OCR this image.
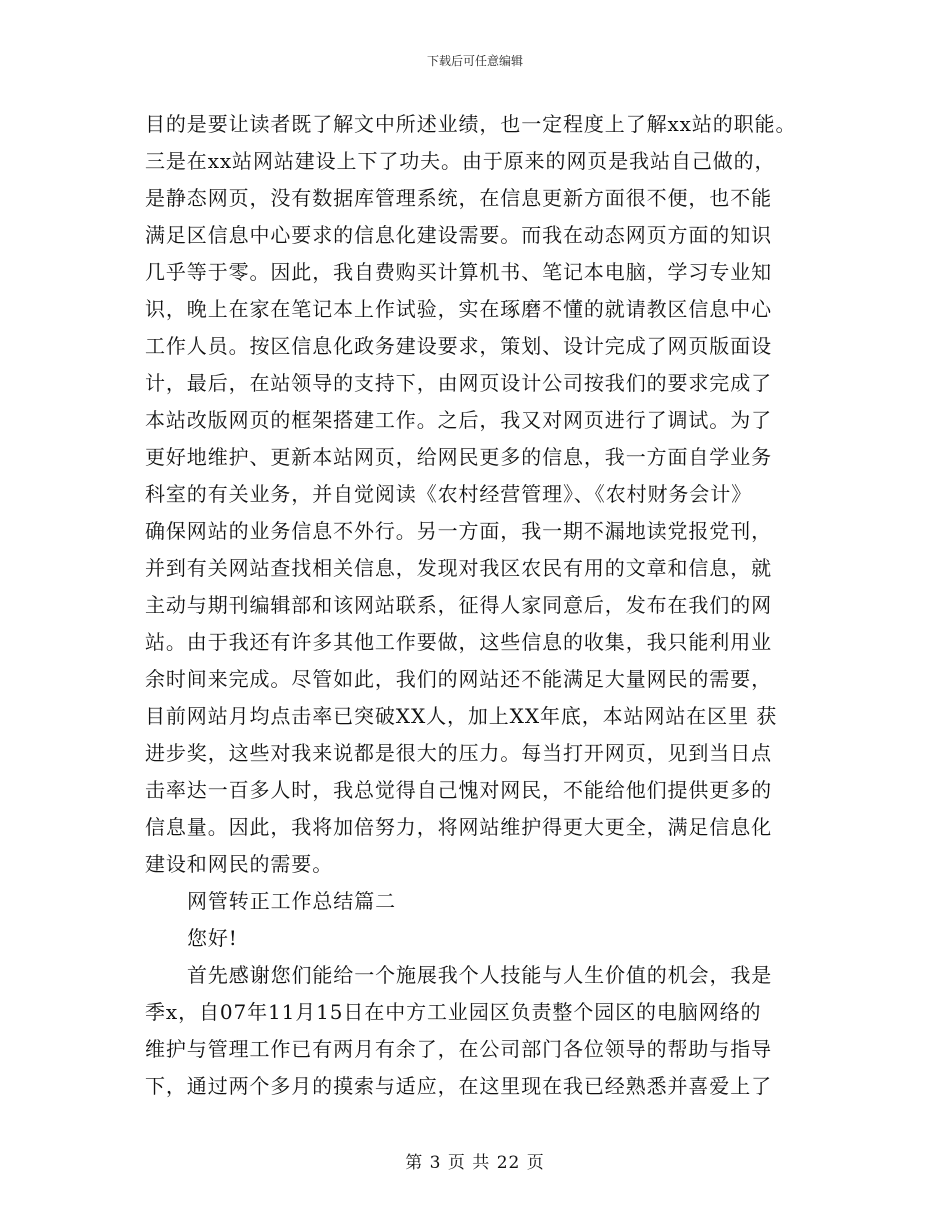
下载后可任意编辑
目的是要让读者既了解文中所述业绩，也一定程度上了解xx站的职能。
三是在xx站网站建设上下了功夫。由于原来的网页是我站自己做的，
是静态网页，没有数据库管理系统，在信息更新方面很不便，也不能
满足区信息中心要求的信息化建设需要。而我在动态网页方面的知识
几乎等于零。因此，我自费购买计算机书、笔记本电脑，学习专业知
识，晚上在家在笔记本上作试验，实在琢磨不懂的就请教区信息中心
工作人员。按区信息化政务建设要求，策划、设计完成了网页版面设
计，最后，在站领导的支持下，由网页设计公司按我们的要求完成了
本站改版网页的框架搭建工作。之后，我又对网页进行了调试。为了
更好地维护、更新本站网页，给网民更多的信息，我一方面自学业务
科室的有关业务，并自觉阅读《农村经营管理》、《农村财务会计》
确保网站的业务信息不外行。另一方面，我一期不漏地读党报党刊，
并到有关网站查找相关信息，发现对我区农民有用的文章和信息，就
主动与期刊编辑部和该网站联系，征得人家同意后，发布在我们的网
站。由于我还有许多其他工作要做，这些信息的收集，我只能利用业
余时间来完成。尽管如此，我们的网站还不能满足大量网民的需要，
目前网站月均点击率已突破XX人，加上XX年底，本站网站在区里 获
进步奖，这些对我来说都是很大的压力。每当打开网页，见到当日点
击率达一百多人时，我总觉得自己愧对网民，不能给他们提供更多的
信息量。因此，我将加倍努力，将网站维护得更大更全，满足信息化
建设和网民的需要。
网管转正工作总结篇二
您好!
首先感谢您们能给一个施展我个人技能与人生价值的机会，我是
季x，自07年11月15日在中方工业园区负责整个园区的电脑网络的
维护与管理工作已有两月有余了，在公司部门各位领导的帮助与指导
下，通过两个多月的摸索与适应，在这里现在我已经熟悉并喜爱上了
第 3 页 共 22 页
